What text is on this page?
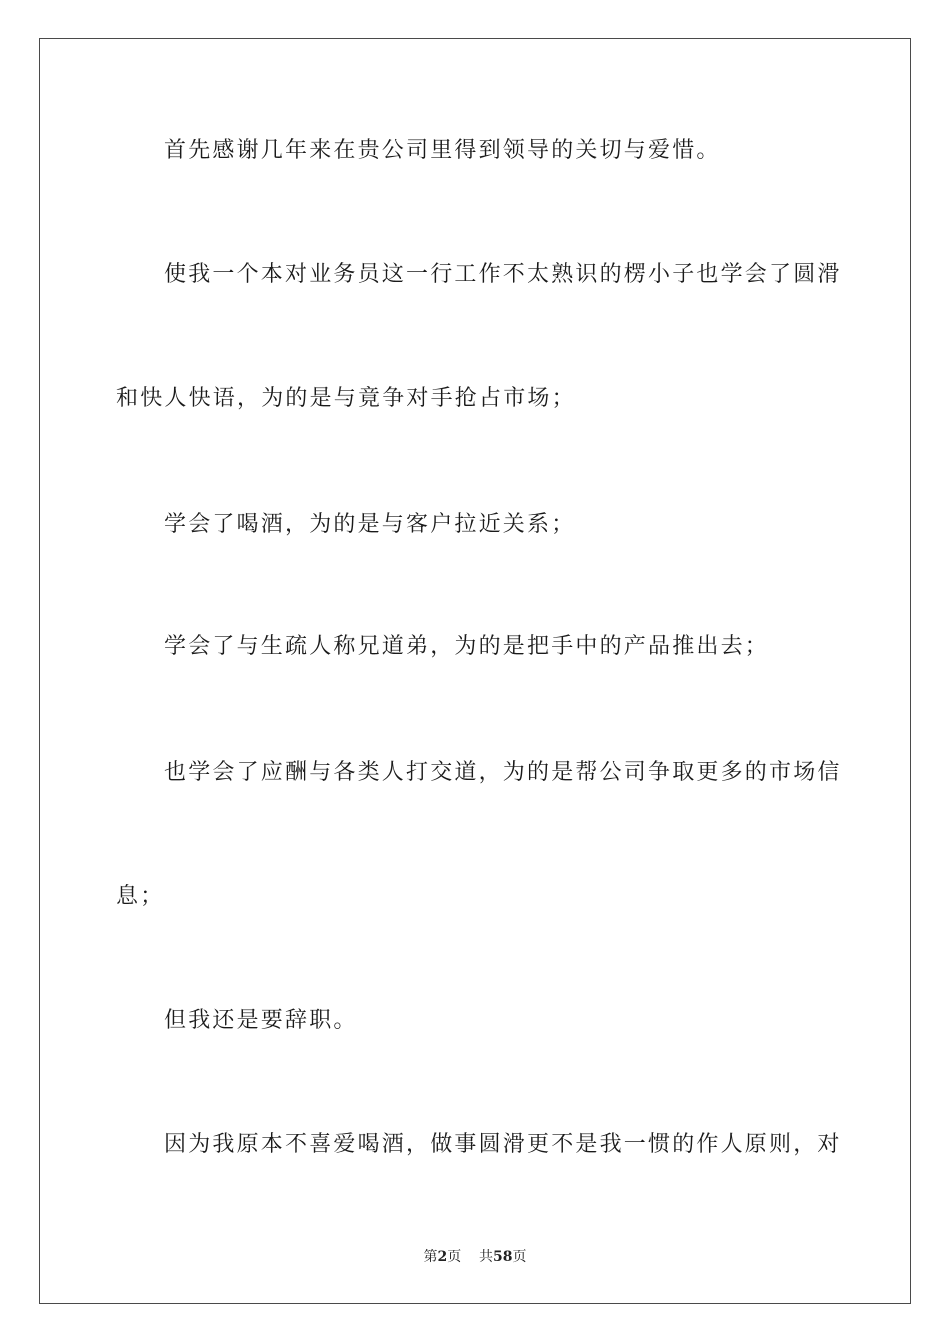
首先感谢几年来在贵公司里得到领导的关切与爱惜。
使我一个本对业务员这一行工作不太熟识的楞小子也学会了圆滑
和快人快语，为的是与竟争对手抢占市场；
学会了喝酒，为的是与客户拉近关系；
学会了与生疏人称兄道弟，为的是把手中的产品推出去；
也学会了应酬与各类人打交道，为的是帮公司争取更多的市场信
息；
但我还是要辞职。
因为我原本不喜爱喝酒，做事圆滑更不是我一惯的作人原则，对
第2页 共58页
